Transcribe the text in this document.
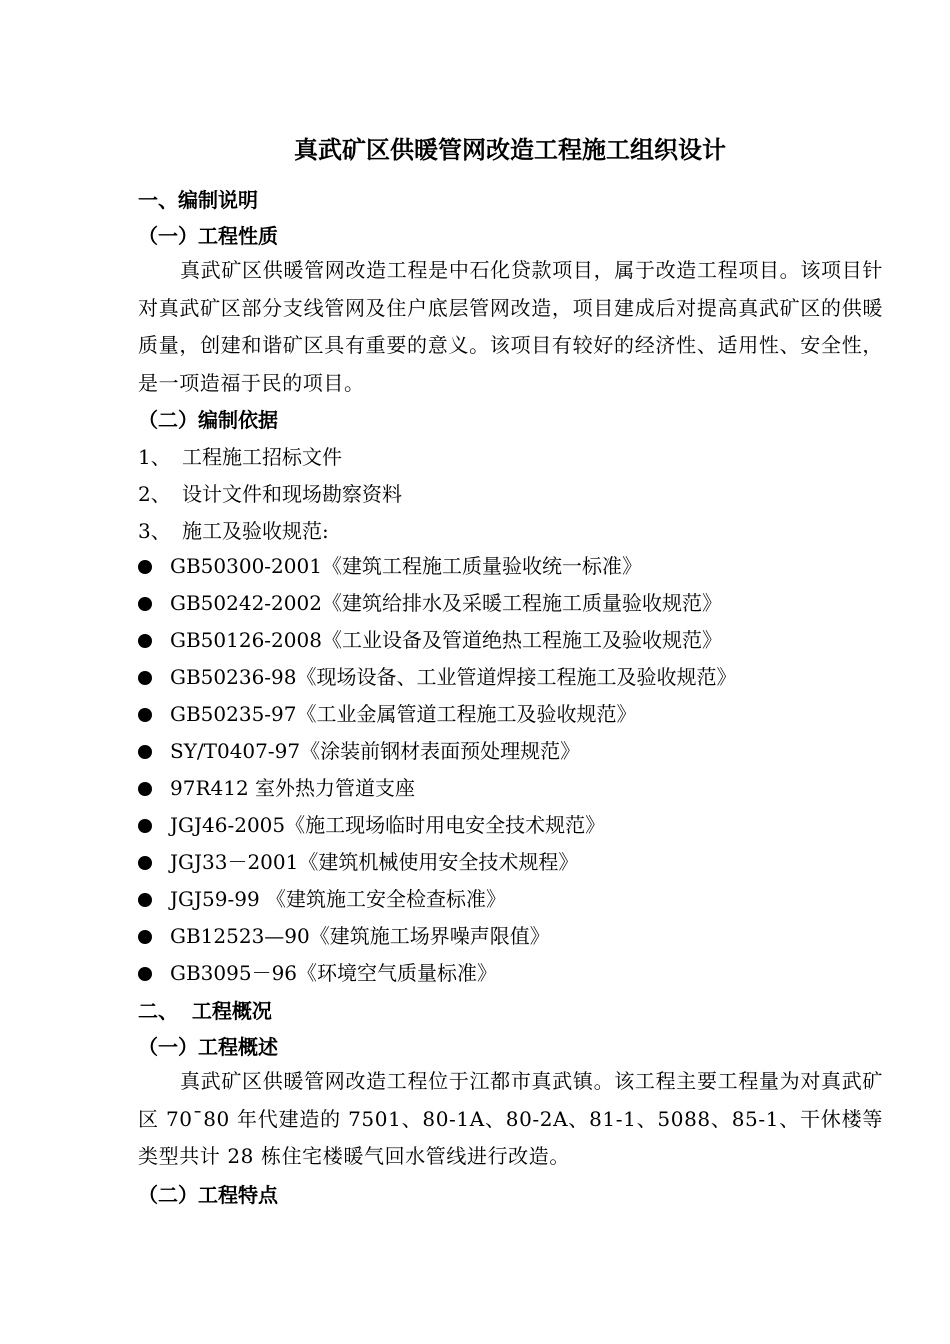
真武矿区供暖管网改造工程施工组织设计
一、编制说明
（一）工程性质
真武矿区供暖管网改造工程是中石化贷款项目，属于改造工程项目。该项目针对真武矿区部分支线管网及住户底层管网改造，项目建成后对提高真武矿区的供暖质量，创建和谐矿区具有重要的意义。该项目有较好的经济性、适用性、安全性，是一项造福于民的项目。
（二）编制依据
1、 工程施工招标文件
2、 设计文件和现场勘察资料
3、 施工及验收规范:
GB50300-2001《建筑工程施工质量验收统一标准》
GB50242-2002《建筑给排水及采暖工程施工质量验收规范》
GB50126-2008《工业设备及管道绝热工程施工及验收规范》
GB50236-98《现场设备、工业管道焊接工程施工及验收规范》
GB50235-97《工业金属管道工程施工及验收规范》
SY/T0407-97《涂装前钢材表面预处理规范》
97R412 室外热力管道支座
JGJ46-2005《施工现场临时用电安全技术规范》
JGJ33－2001《建筑机械使用安全技术规程》
JGJ59-99 《建筑施工安全检查标准》
GB12523—90《建筑施工场界噪声限值》
GB3095－96《环境空气质量标准》
二、  工程概况
（一）工程概述
真武矿区供暖管网改造工程位于江都市真武镇。该工程主要工程量为对真武矿区 70¯80 年代建造的 7501、80-1A、80-2A、81-1、5088、85-1、干休楼等类型共计 28 栋住宅楼暖气回水管线进行改造。
（二）工程特点
